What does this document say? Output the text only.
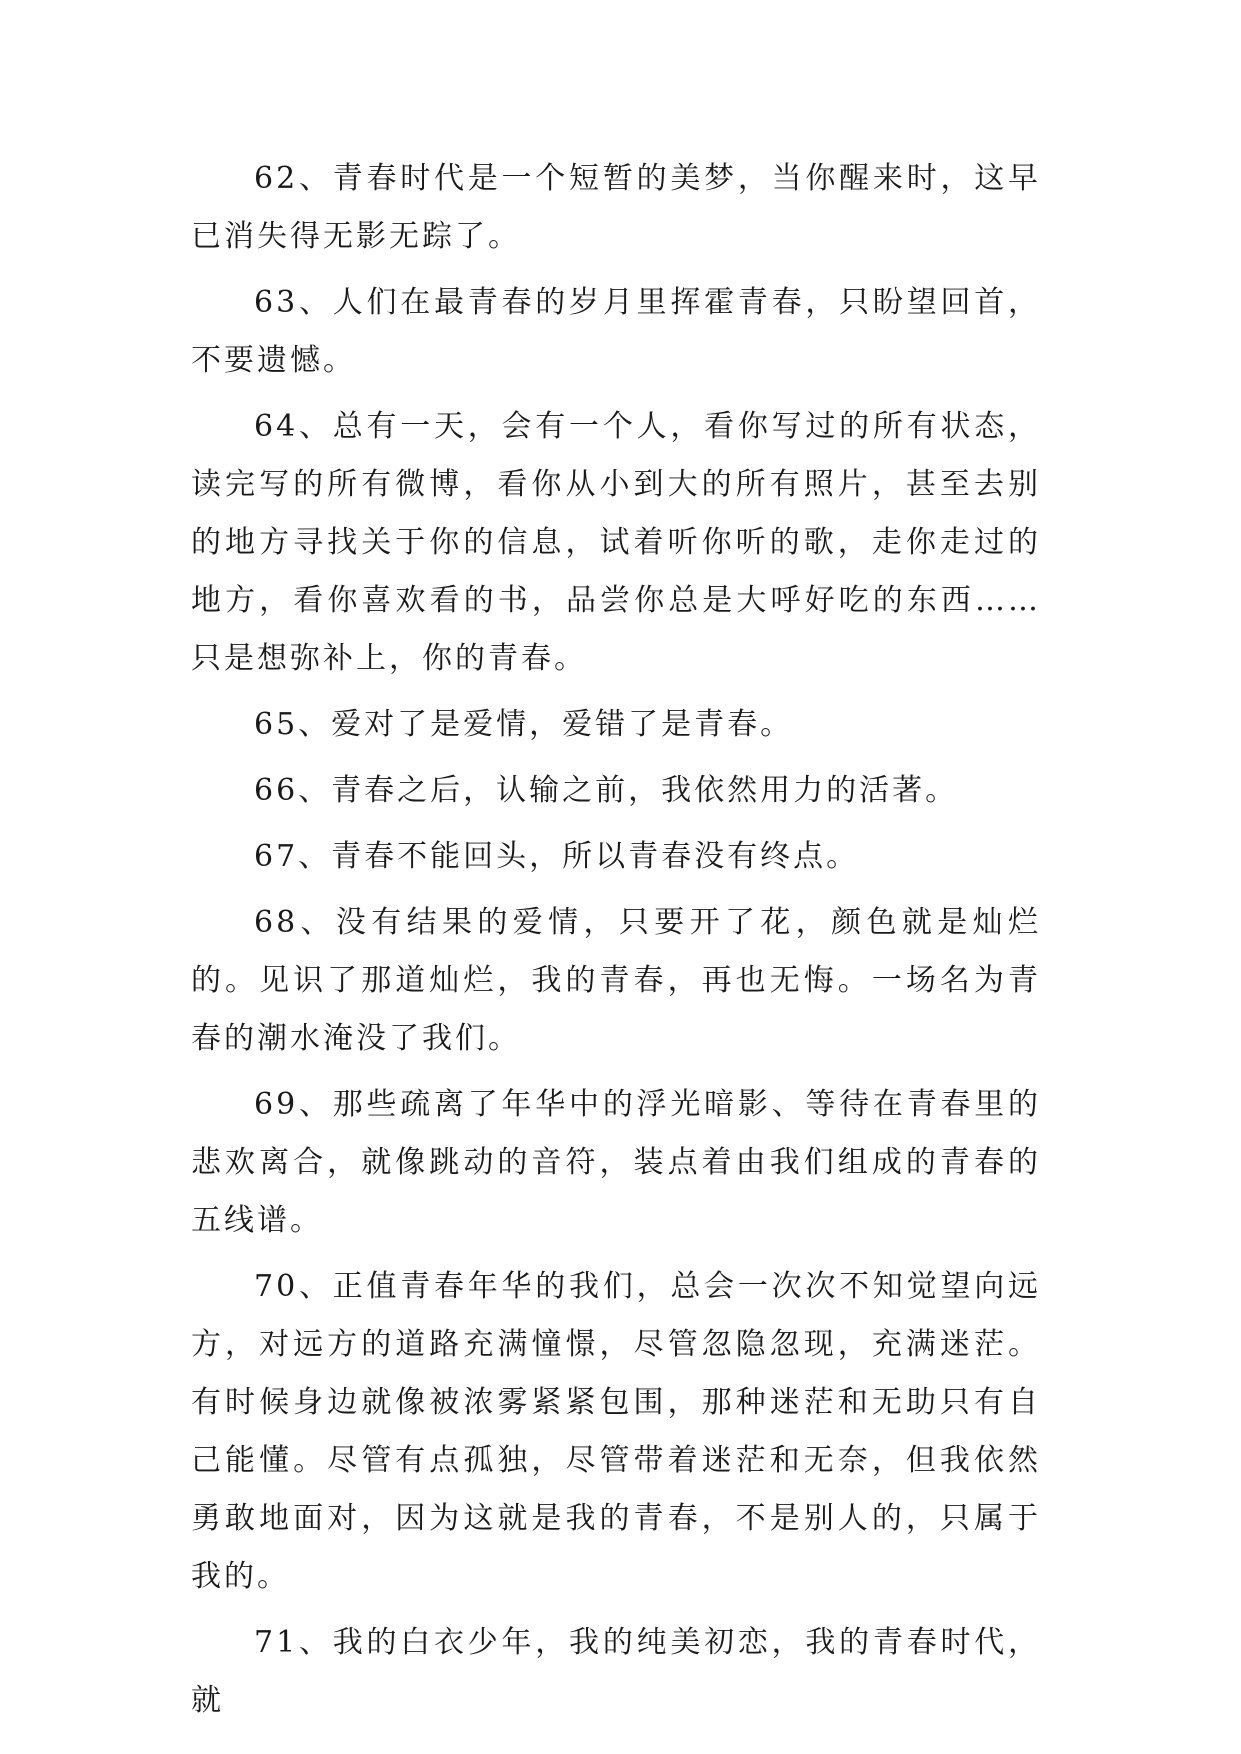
62、青春时代是一个短暂的美梦，当你醒来时，这早已消失得无影无踪了。

63、人们在最青春的岁月里挥霍青春，只盼望回首，不要遗憾。

64、总有一天，会有一个人，看你写过的所有状态，读完写的所有微博，看你从小到大的所有照片，甚至去别的地方寻找关于你的信息，试着听你听的歌，走你走过的地方，看你喜欢看的书，品尝你总是大呼好吃的东西……只是想弥补上，你的青春。

65、爱对了是爱情，爱错了是青春。

66、青春之后，认输之前，我依然用力的活著。

67、青春不能回头，所以青春没有终点。

68、没有结果的爱情，只要开了花，颜色就是灿烂的。见识了那道灿烂，我的青春，再也无悔。一场名为青春的潮水淹没了我们。

69、那些疏离了年华中的浮光暗影、等待在青春里的悲欢离合，就像跳动的音符，装点着由我们组成的青春的五线谱。

70、正值青春年华的我们，总会一次次不知觉望向远方，对远方的道路充满憧憬，尽管忽隐忽现，充满迷茫。有时候身边就像被浓雾紧紧包围，那种迷茫和无助只有自己能懂。尽管有点孤独，尽管带着迷茫和无奈，但我依然勇敢地面对，因为这就是我的青春，不是别人的，只属于我的。

71、我的白衣少年，我的纯美初恋，我的青春时代，就
